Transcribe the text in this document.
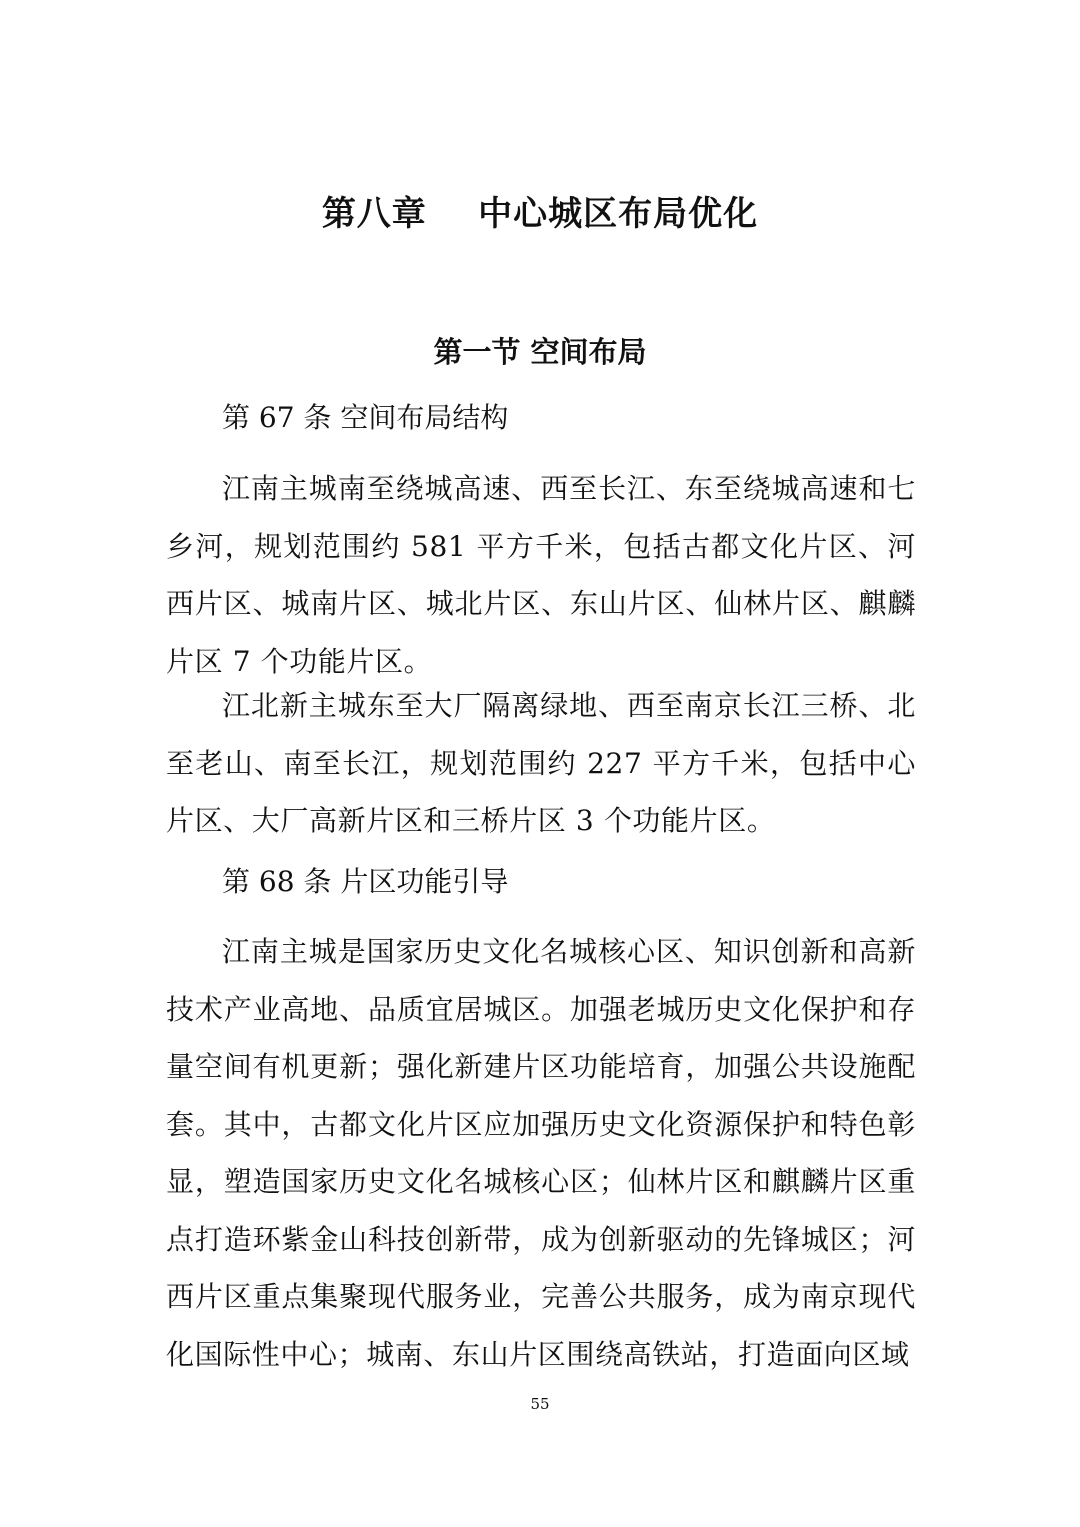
第八章    中心城区布局优化
第一节 空间布局

第 67 条 空间布局结构

江南主城南至绕城高速、西至长江、东至绕城高速和七乡河，规划范围约 581 平方千米，包括古都文化片区、河西片区、城南片区、城北片区、东山片区、仙林片区、麒麟片区 7 个功能片区。

江北新主城东至大厂隔离绿地、西至南京长江三桥、北至老山、南至长江，规划范围约 227 平方千米，包括中心片区、大厂高新片区和三桥片区 3 个功能片区。

第 68 条 片区功能引导

江南主城是国家历史文化名城核心区、知识创新和高新技术产业高地、品质宜居城区。加强老城历史文化保护和存量空间有机更新；强化新建片区功能培育，加强公共设施配套。其中，古都文化片区应加强历史文化资源保护和特色彰显，塑造国家历史文化名城核心区；仙林片区和麒麟片区重点打造环紫金山科技创新带，成为创新驱动的先锋城区；河西片区重点集聚现代服务业，完善公共服务，成为南京现代化国际性中心；城南、东山片区围绕高铁站，打造面向区域

55
